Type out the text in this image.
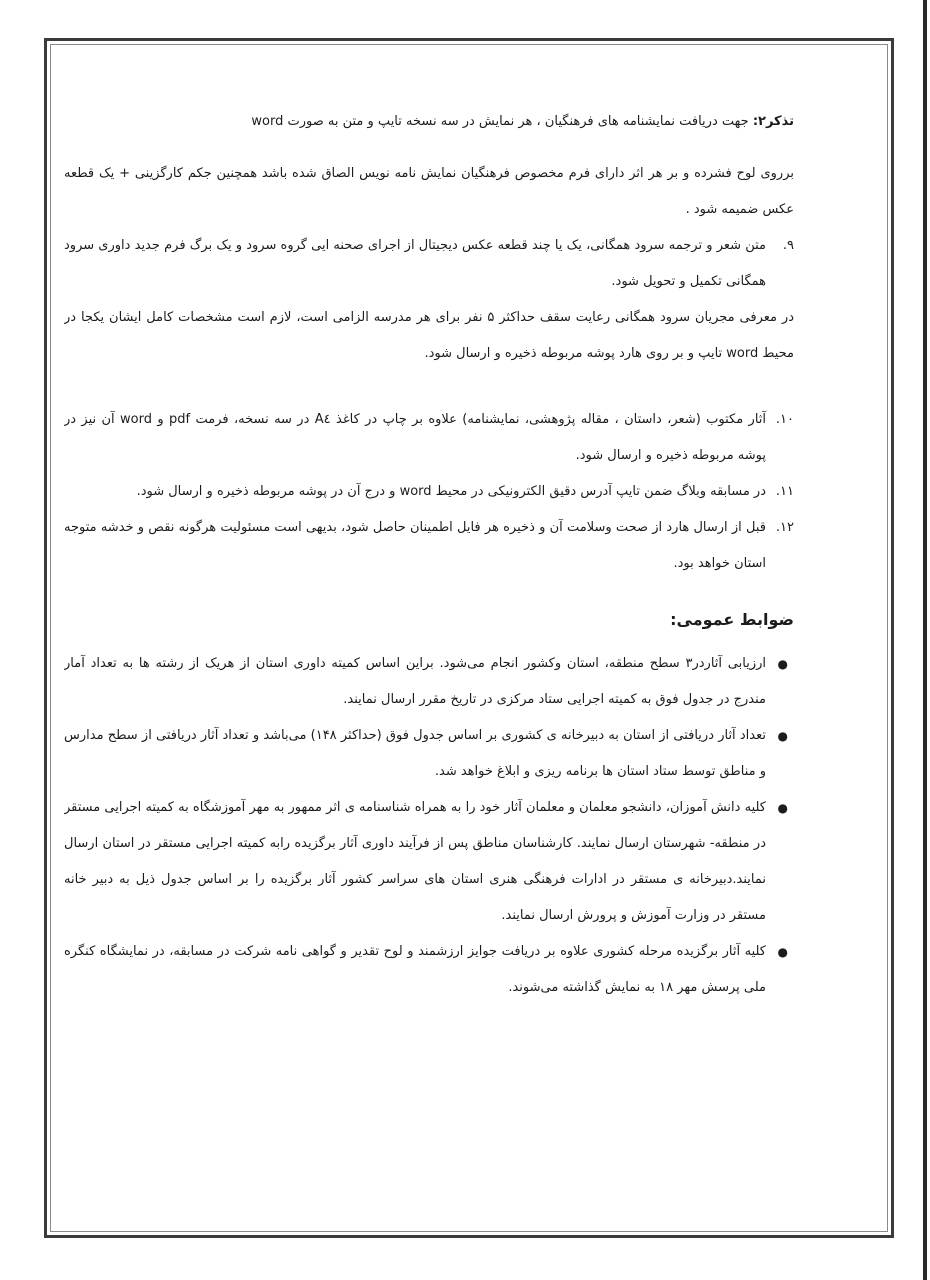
تذکر۲: جهت دریافت نمایشنامه های فرهنگیان ، هر نمایش در سه نسخه تایپ و متن به صورت word

برروی لوح فشرده و بر هر اثر دارای فرم مخصوص فرهنگیان نمایش نامه نویس الصاق شده باشد همچنین جکم کارگزینی + یک قطعه عکس ضمیمه شود .

۹.
متن شعر و ترجمه سرود همگانی، یک یا چند قطعه عکس دیجیتال از اجرای صحنه ایی گروه سرود و یک برگ فرم جدید داوری سرود همگانی تکمیل و تحویل شود.

در معرفی مجریان سرود همگانی رعایت سقف حداکثر ۵ نفر برای هر مدرسه الزامی است، لازم است مشخصات کامل ایشان یکجا در محیط word تایپ و بر روی هارد پوشه مربوطه ذخیره و ارسال شود.

۱۰.
آثار مکتوب (شعر، داستان ، مقاله پژوهشی، نمایشنامه) علاوه بر چاپ در کاغذ A٤ در سه نسخه، فرمت pdf و word آن نیز در پوشه مربوطه ذخیره و ارسال شود.

۱۱.
در مسابقه وبلاگ ضمن تایپ آدرس دقیق الکترونیکی در محیط word و درج آن در پوشه مربوطه ذخیره و ارسال شود.

۱۲.
قبل از ارسال هارد از صحت وسلامت آن و ذخیره هر فایل اطمینان حاصل شود، بدیهی است مسئولیت هرگونه نقص و خدشه متوجه استان خواهد بود.

ضوابط عمومی:

●
ارزیابی آثاردر۳ سطح منطقه، استان وکشور انجام می‌شود. براین اساس کمیته داوری استان از هریک از رشته ها به تعداد آمار مندرج در جدول فوق به کمیته اجرایی ستاد مرکزی در تاریخ مقرر ارسال نمایند.

●
تعداد آثار دریافتی از استان به دبیرخانه ی کشوری بر اساس جدول فوق (حداکثر ۱۴۸) می‌باشد و تعداد آثار دریافتی از سطح مدارس و مناطق توسط ستاد استان ها برنامه ریزی و ابلاغ خواهد شد.

●
کلیه دانش آموزان، دانشجو معلمان و معلمان آثار خود را به همراه شناسنامه ی اثر ممهور به مهر آموزشگاه به کمیته اجرایی مستقر در منطقه- شهرستان ارسال نمایند. کارشناسان مناطق پس از فرآیند داوری آثار برگزیده رابه کمیته اجرایی مستقر در استان ارسال نمایند.دبیرخانه ی مستقر در ادارات فرهنگی هنری استان های سراسر کشور آثار برگزیده را بر اساس جدول ذیل به دبیر خانه مستقر در وزارت آموزش و پرورش ارسال نمایند.

●
کلیه آثار برگزیده مرحله کشوری علاوه بر دریافت جوایز ارزشمند و لوح تقدیر و گواهی نامه شرکت در مسابقه، در نمایشگاه کنگره ملی پرسش مهر ۱۸ به نمایش گذاشته می‌شوند.
